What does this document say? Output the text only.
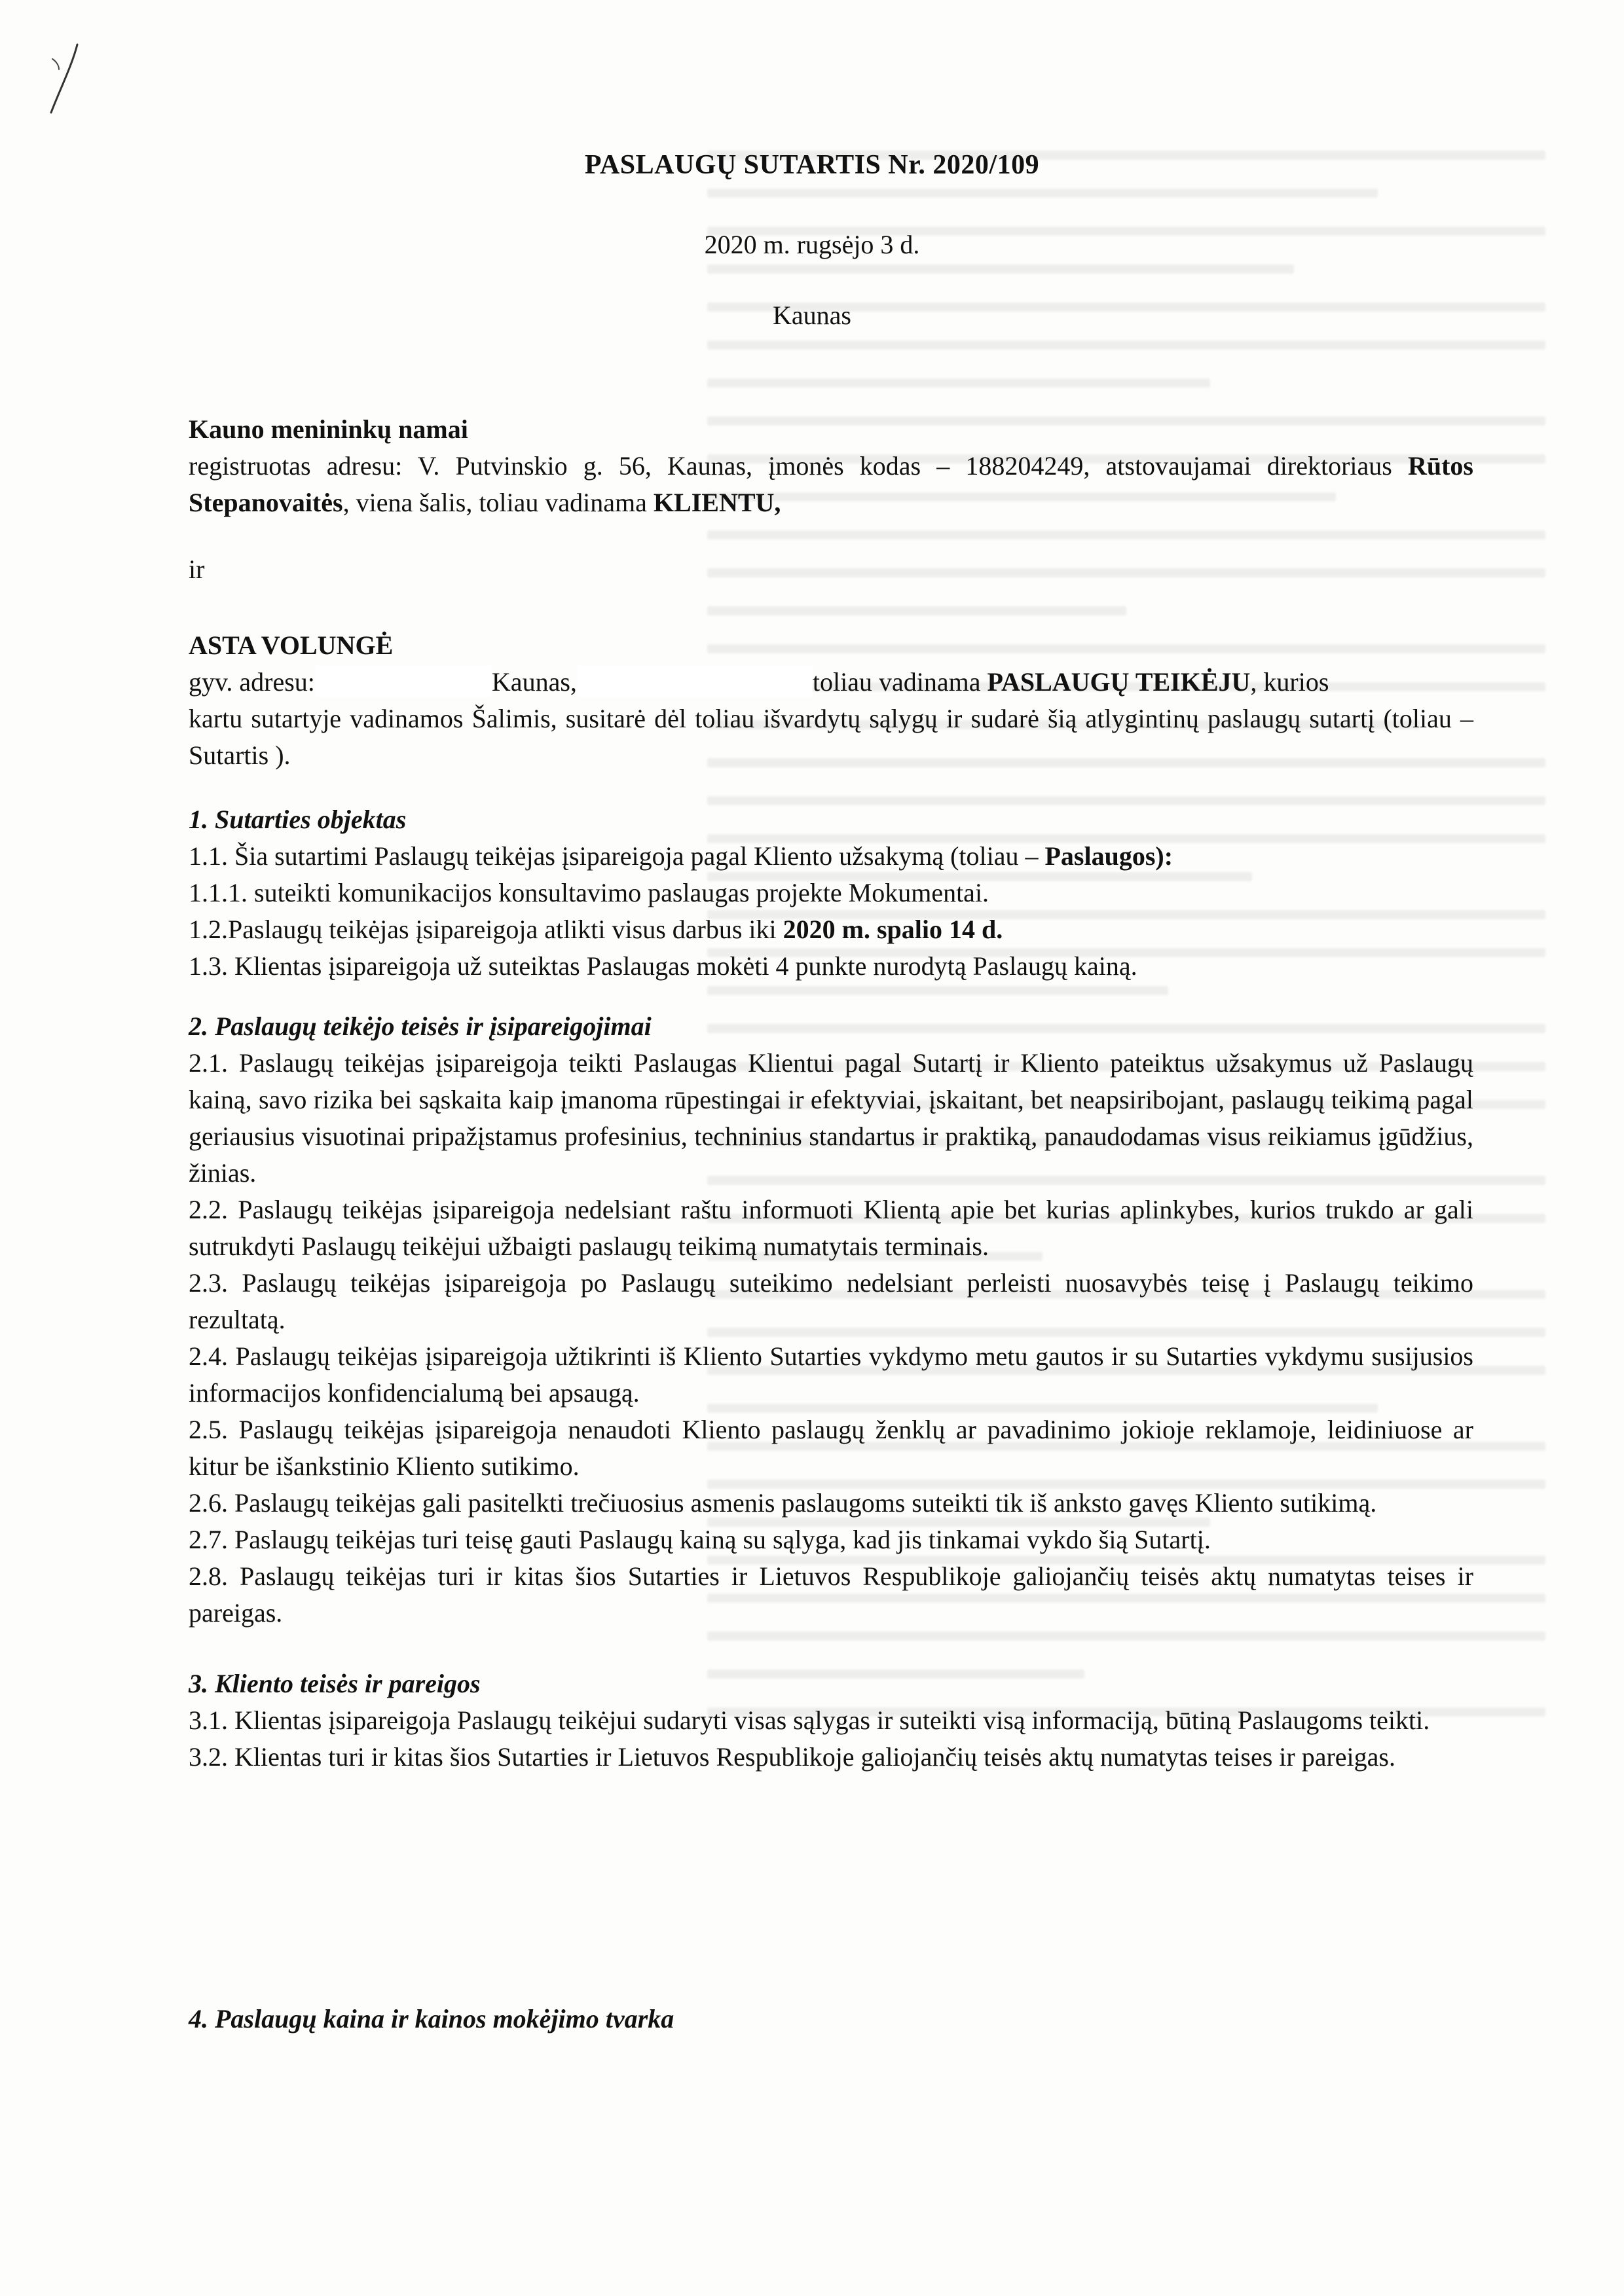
PASLAUGŲ SUTARTIS Nr. 2020/109
2020 m. rugsėjo 3 d.
Kaunas

Kauno menininkų namai

registruotas adresu: V. Putvinskio g. 56, Kaunas, įmonės kodas – 188204249, atstovaujamai direktoriaus Rūtos Stepanovaitės, viena šalis, toliau vadinama KLIENTU,

ir

ASTA VOLUNGĖ

gyv. adresu:	Kaunas,	toliau vadinama PASLAUGŲ TEIKĖJU, kurios

kartu sutartyje vadinamos Šalimis, susitarė dėl toliau išvardytų sąlygų ir sudarė šią atlygintinų paslaugų sutartį (toliau – Sutartis ).

1. Sutarties objektas

1.1. Šia sutartimi Paslaugų teikėjas įsipareigoja pagal Kliento užsakymą (toliau – Paslaugos):

1.1.1. suteikti komunikacijos konsultavimo paslaugas projekte Mokumentai.

1.2.Paslaugų teikėjas įsipareigoja atlikti visus darbus iki 2020 m. spalio 14 d.

1.3. Klientas įsipareigoja už suteiktas Paslaugas mokėti 4 punkte nurodytą Paslaugų kainą.

2. Paslaugų teikėjo teisės ir įsipareigojimai

2.1. Paslaugų teikėjas įsipareigoja teikti Paslaugas Klientui pagal Sutartį ir Kliento pateiktus užsakymus už Paslaugų kainą, savo rizika bei sąskaita kaip įmanoma rūpestingai ir efektyviai, įskaitant, bet neapsiribojant, paslaugų teikimą pagal geriausius visuotinai pripažįstamus profesinius, techninius standartus ir praktiką, panaudodamas visus reikiamus įgūdžius, žinias.

2.2. Paslaugų teikėjas įsipareigoja nedelsiant raštu informuoti Klientą apie bet kurias aplinkybes, kurios trukdo ar gali sutrukdyti Paslaugų teikėjui užbaigti paslaugų teikimą numatytais terminais.

2.3. Paslaugų teikėjas įsipareigoja po Paslaugų suteikimo nedelsiant perleisti nuosavybės teisę į Paslaugų teikimo rezultatą.

2.4. Paslaugų teikėjas įsipareigoja užtikrinti iš Kliento Sutarties vykdymo metu gautos ir su Sutarties vykdymu susijusios informacijos konfidencialumą bei apsaugą.

2.5. Paslaugų teikėjas įsipareigoja nenaudoti Kliento paslaugų ženklų ar pavadinimo jokioje reklamoje, leidiniuose ar kitur be išankstinio Kliento sutikimo.

2.6. Paslaugų teikėjas gali pasitelkti trečiuosius asmenis paslaugoms suteikti tik iš anksto gavęs Kliento sutikimą.

2.7. Paslaugų teikėjas turi teisę gauti Paslaugų kainą su sąlyga, kad jis tinkamai vykdo šią Sutartį.

2.8. Paslaugų teikėjas turi ir kitas šios Sutarties ir Lietuvos Respublikoje galiojančių teisės aktų numatytas teises ir pareigas.

3. Kliento teisės ir pareigos

3.1. Klientas įsipareigoja Paslaugų teikėjui sudaryti visas sąlygas ir suteikti visą informaciją, būtiną Paslaugoms teikti.

3.2. Klientas turi ir kitas šios Sutarties ir Lietuvos Respublikoje galiojančių teisės aktų numatytas teises ir pareigas.

4. Paslaugų kaina ir kainos mokėjimo tvarka
